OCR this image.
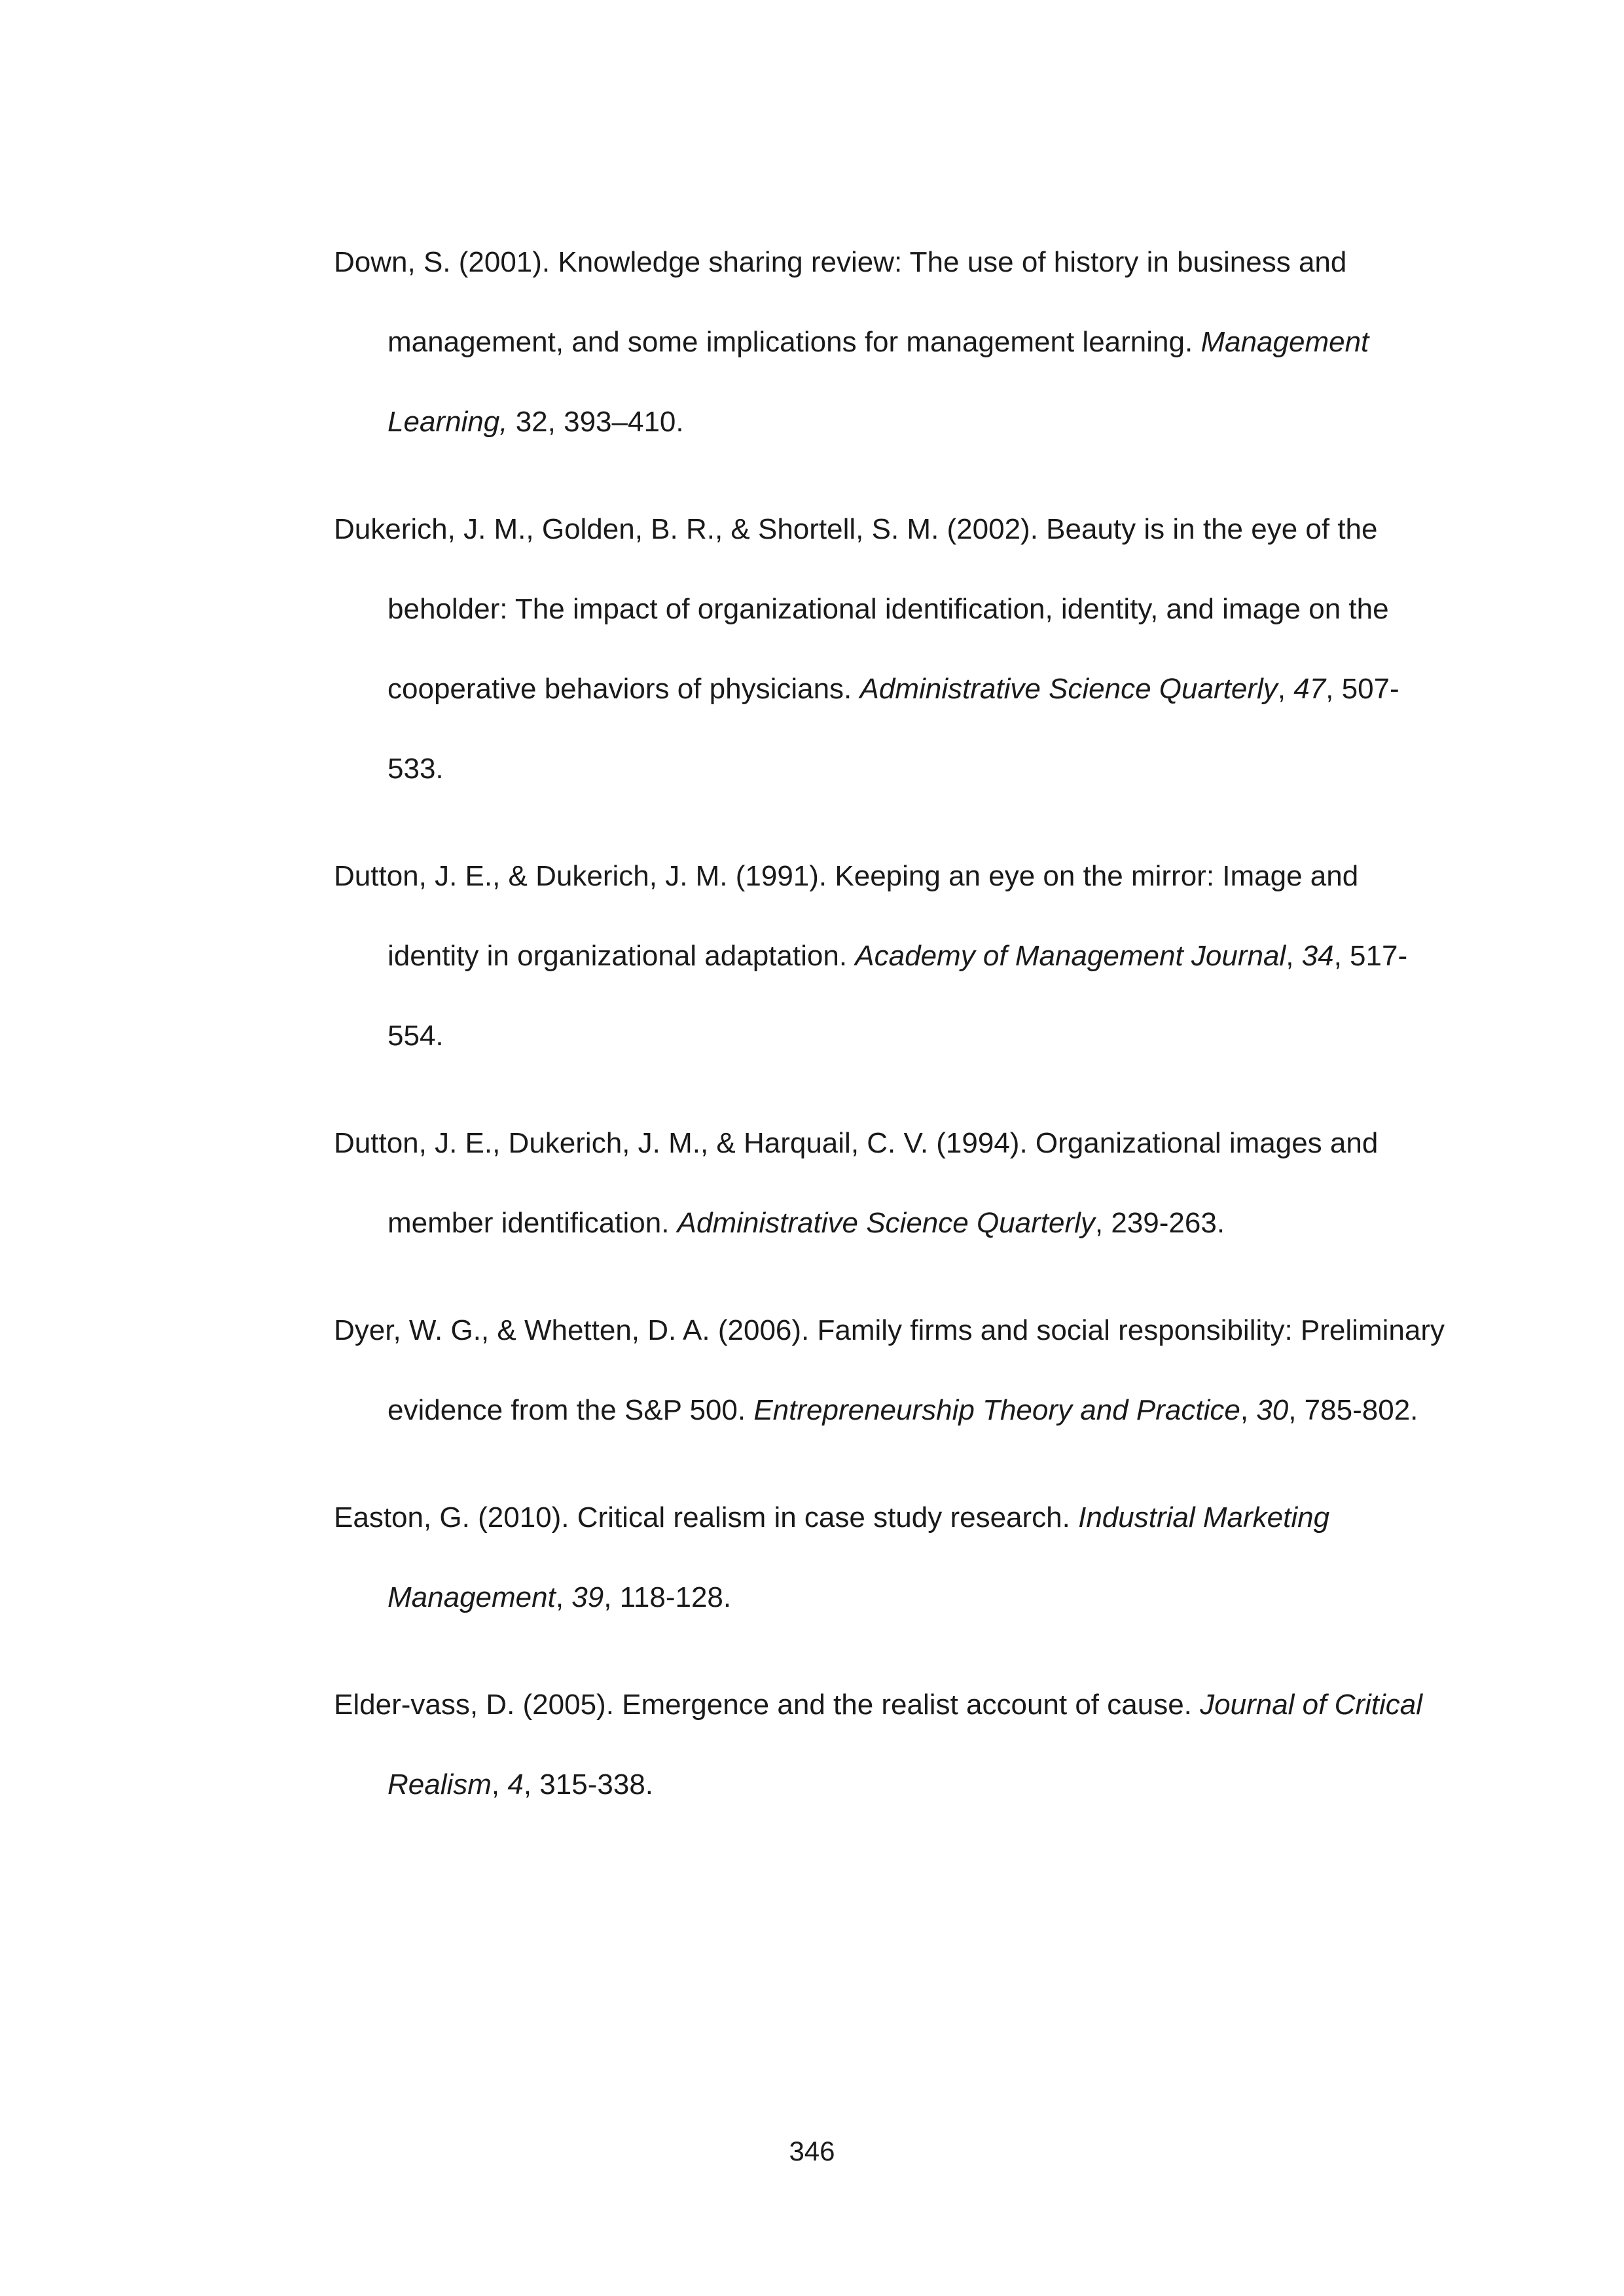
Down, S. (2001). Knowledge sharing review: The use of history in business and management, and some implications for management learning. Management Learning, 32, 393–410.
Dukerich, J. M., Golden, B. R., & Shortell, S. M. (2002). Beauty is in the eye of the beholder: The impact of organizational identification, identity, and image on the cooperative behaviors of physicians. Administrative Science Quarterly, 47, 507-533.
Dutton, J. E., & Dukerich, J. M. (1991). Keeping an eye on the mirror: Image and identity in organizational adaptation. Academy of Management Journal, 34, 517-554.
Dutton, J. E., Dukerich, J. M., & Harquail, C. V. (1994). Organizational images and member identification. Administrative Science Quarterly, 239-263.
Dyer, W. G., & Whetten, D. A. (2006). Family firms and social responsibility: Preliminary evidence from the S&P 500. Entrepreneurship Theory and Practice, 30, 785-802.
Easton, G. (2010). Critical realism in case study research. Industrial Marketing Management, 39, 118-128.
Elder-vass, D. (2005). Emergence and the realist account of cause. Journal of Critical Realism, 4, 315-338.
346
